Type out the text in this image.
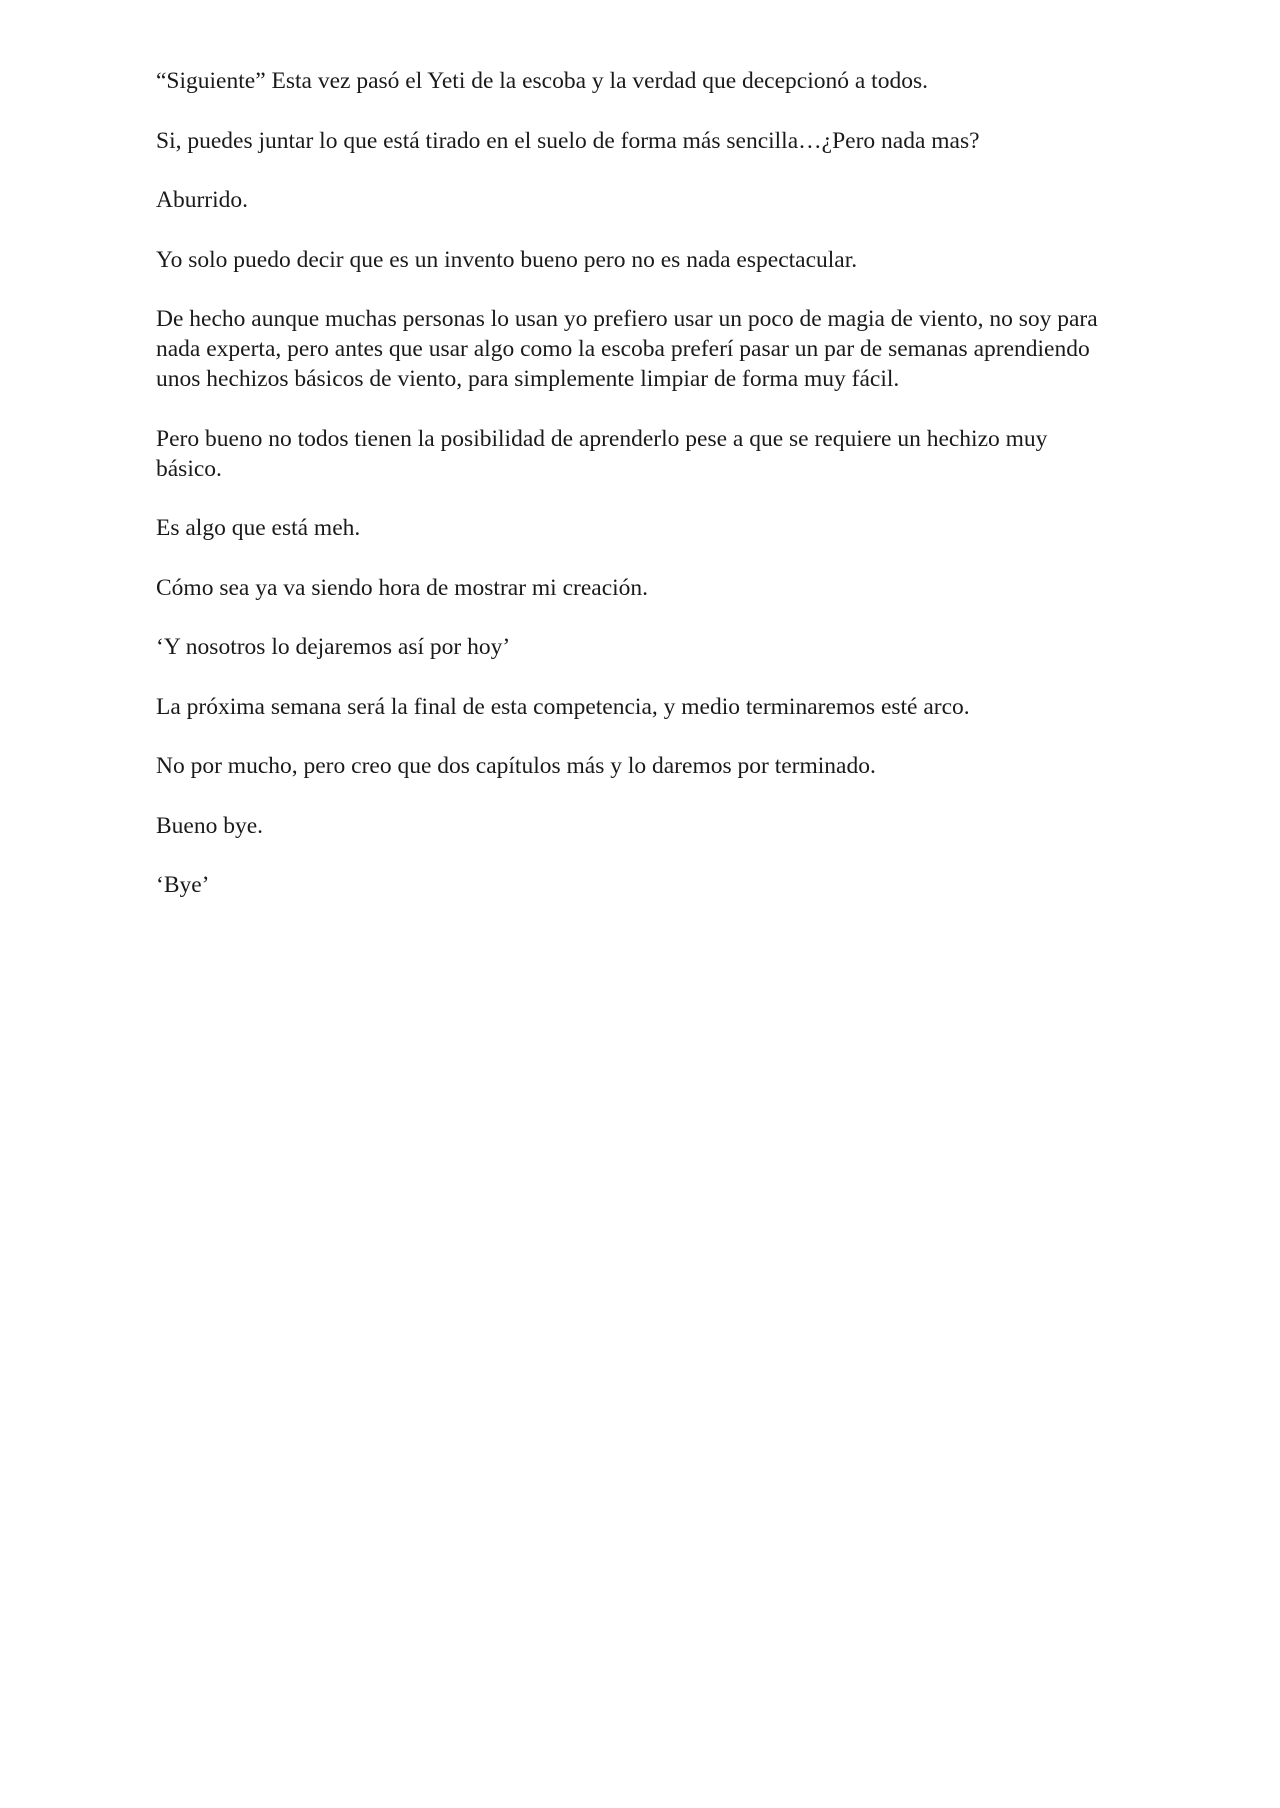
“Siguiente” Esta vez pasó el Yeti de la escoba y la verdad que decepcionó a todos.

Si, puedes juntar lo que está tirado en el suelo de forma más sencilla…¿Pero nada mas?

Aburrido.

Yo solo puedo decir que es un invento bueno pero no es nada espectacular.

De hecho aunque muchas personas lo usan yo prefiero usar un poco de magia de viento, no soy para nada experta, pero antes que usar algo como la escoba preferí pasar un par de semanas aprendiendo unos hechizos básicos de viento, para simplemente limpiar de forma muy fácil.

Pero bueno no todos tienen la posibilidad de aprenderlo pese a que se requiere un hechizo muy básico.

Es algo que está meh.

Cómo sea ya va siendo hora de mostrar mi creación.

‘Y nosotros lo dejaremos así por hoy’

La próxima semana será la final de esta competencia, y medio terminaremos esté arco.

No por mucho, pero creo que dos capítulos más y lo daremos por terminado.

Bueno bye.

‘Bye’
